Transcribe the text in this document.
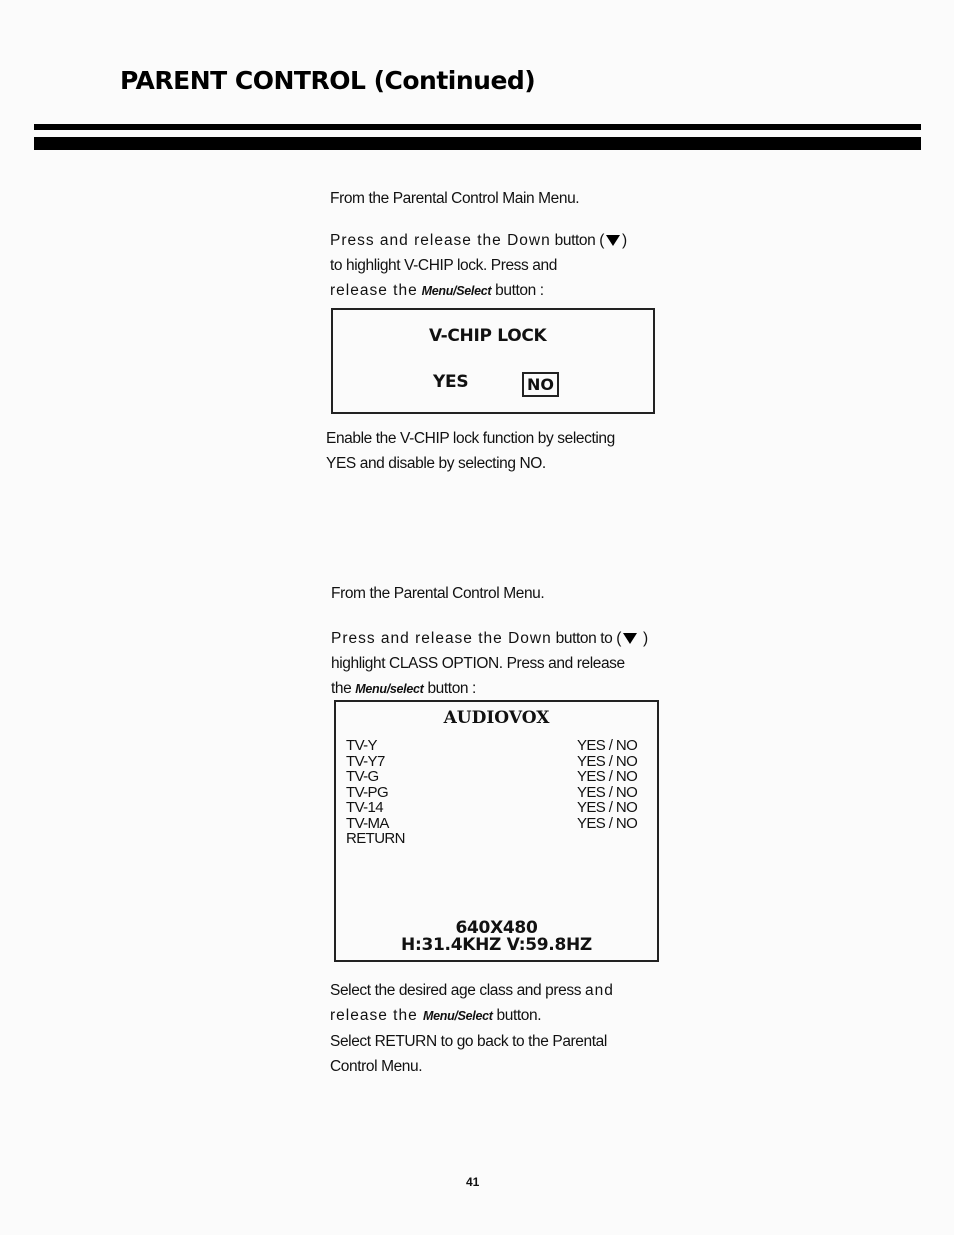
PARENT CONTROL (Continued)
From the Parental Control Main Menu.
Press and release the Down button ( )
to highlight V-CHIP lock. Press and
release the Menu/Select button :
V-CHIP LOCK
YES	NO
Enable the V-CHIP lock function by selecting
YES and disable by selecting NO.
From the Parental Control Menu.
Press and release the Down button to ( )
highlight CLASS OPTION. Press and release
the Menu/select button :
AUDIOVOX
TV-Y
TV-Y7
TV-G
TV-PG
TV-14
TV-MA
RETURN
YES / NO
YES / NO
YES / NO
YES / NO
YES / NO
YES / NO
640X480
H:31.4KHZ V:59.8HZ
Select the desired age class and press and
release the Menu/Select button.
Select RETURN to go back to the Parental
Control Menu.
41
